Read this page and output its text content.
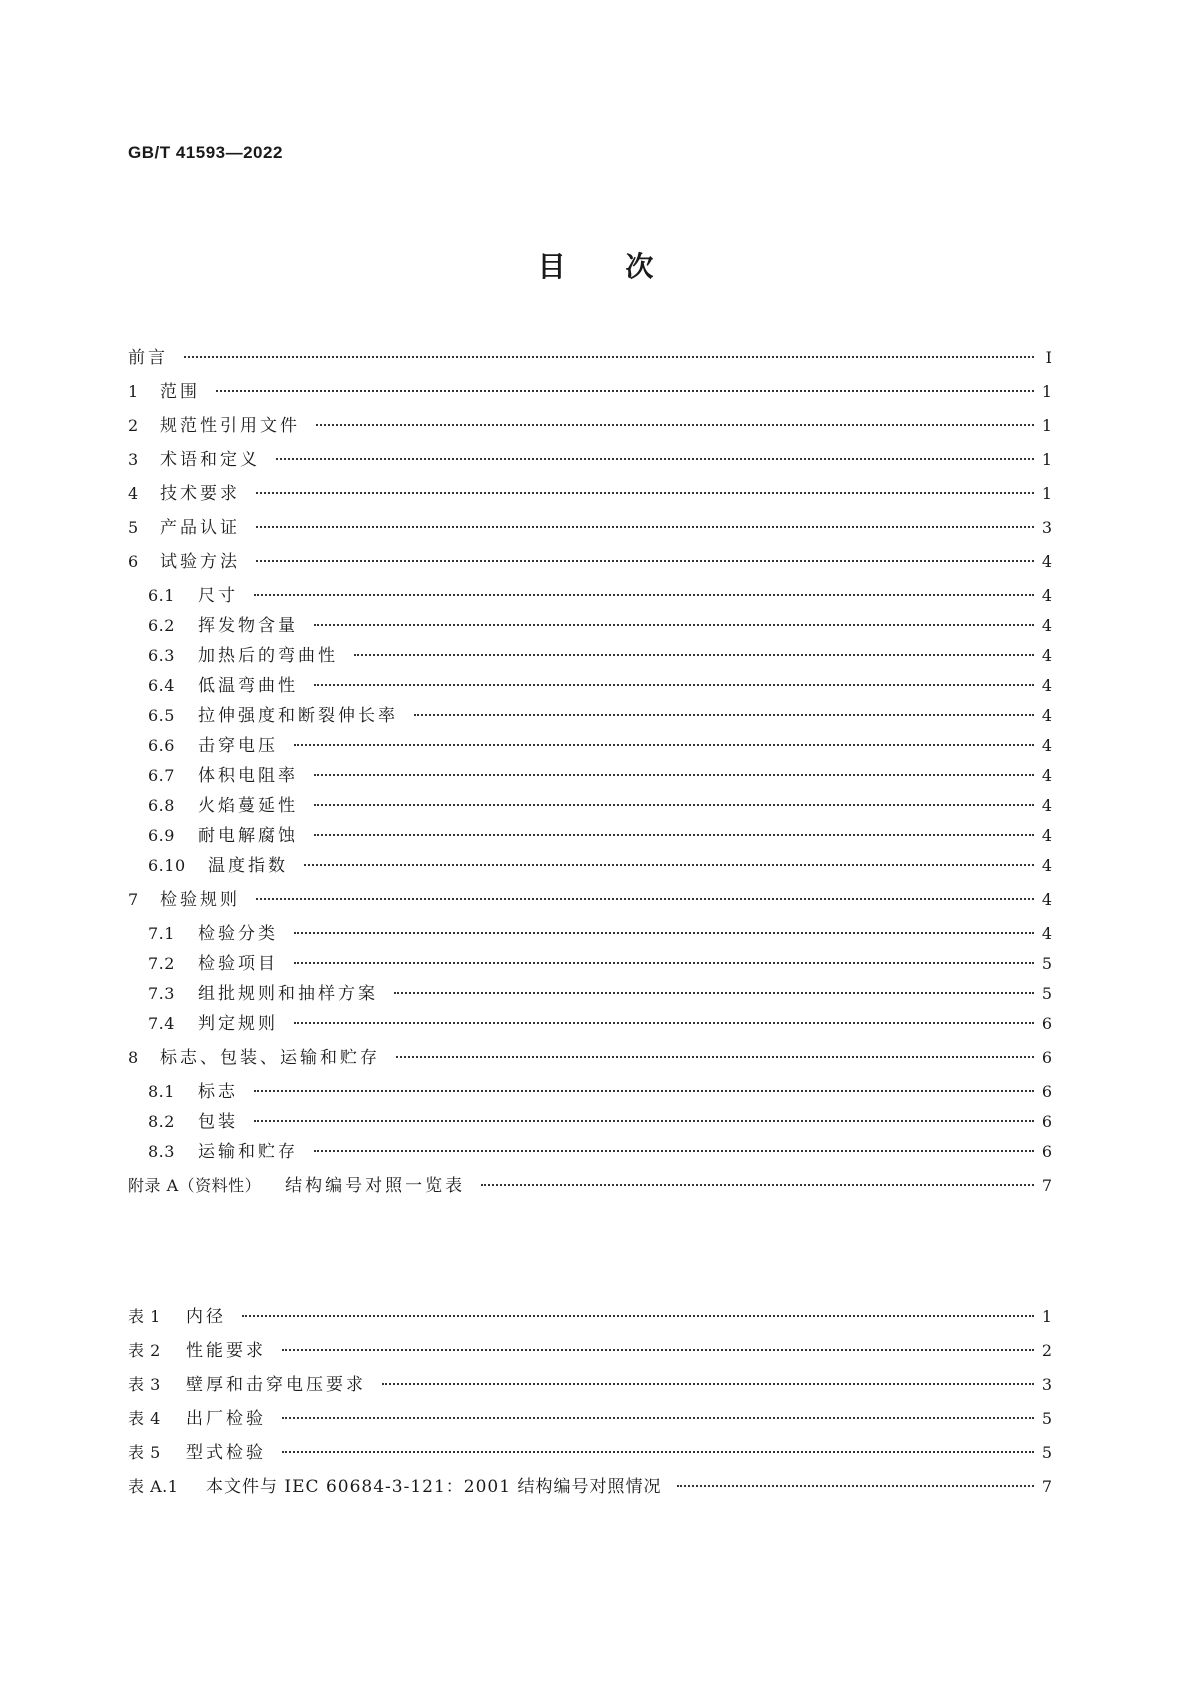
GB/T 41593—2022
目 次
前言	Ⅰ
1	范围	1
2	规范性引用文件	1
3	术语和定义	1
4	技术要求	1
5	产品认证	3
6	试验方法	4
6.1	尺寸	4
6.2	挥发物含量	4
6.3	加热后的弯曲性	4
6.4	低温弯曲性	4
6.5	拉伸强度和断裂伸长率	4
6.6	击穿电压	4
6.7	体积电阻率	4
6.8	火焰蔓延性	4
6.9	耐电解腐蚀	4
6.10	温度指数	4
7	检验规则	4
7.1	检验分类	4
7.2	检验项目	5
7.3	组批规则和抽样方案	5
7.4	判定规则	6
8	标志、包装、运输和贮存	6
8.1	标志	6
8.2	包装	6
8.3	运输和贮存	6
附录 A（资料性）	结构编号对照一览表	7
表 1	内径	1
表 2	性能要求	2
表 3	壁厚和击穿电压要求	3
表 4	出厂检验	5
表 5	型式检验	5
表 A.1	本文件与 IEC 60684-3-121：2001 结构编号对照情况	7
